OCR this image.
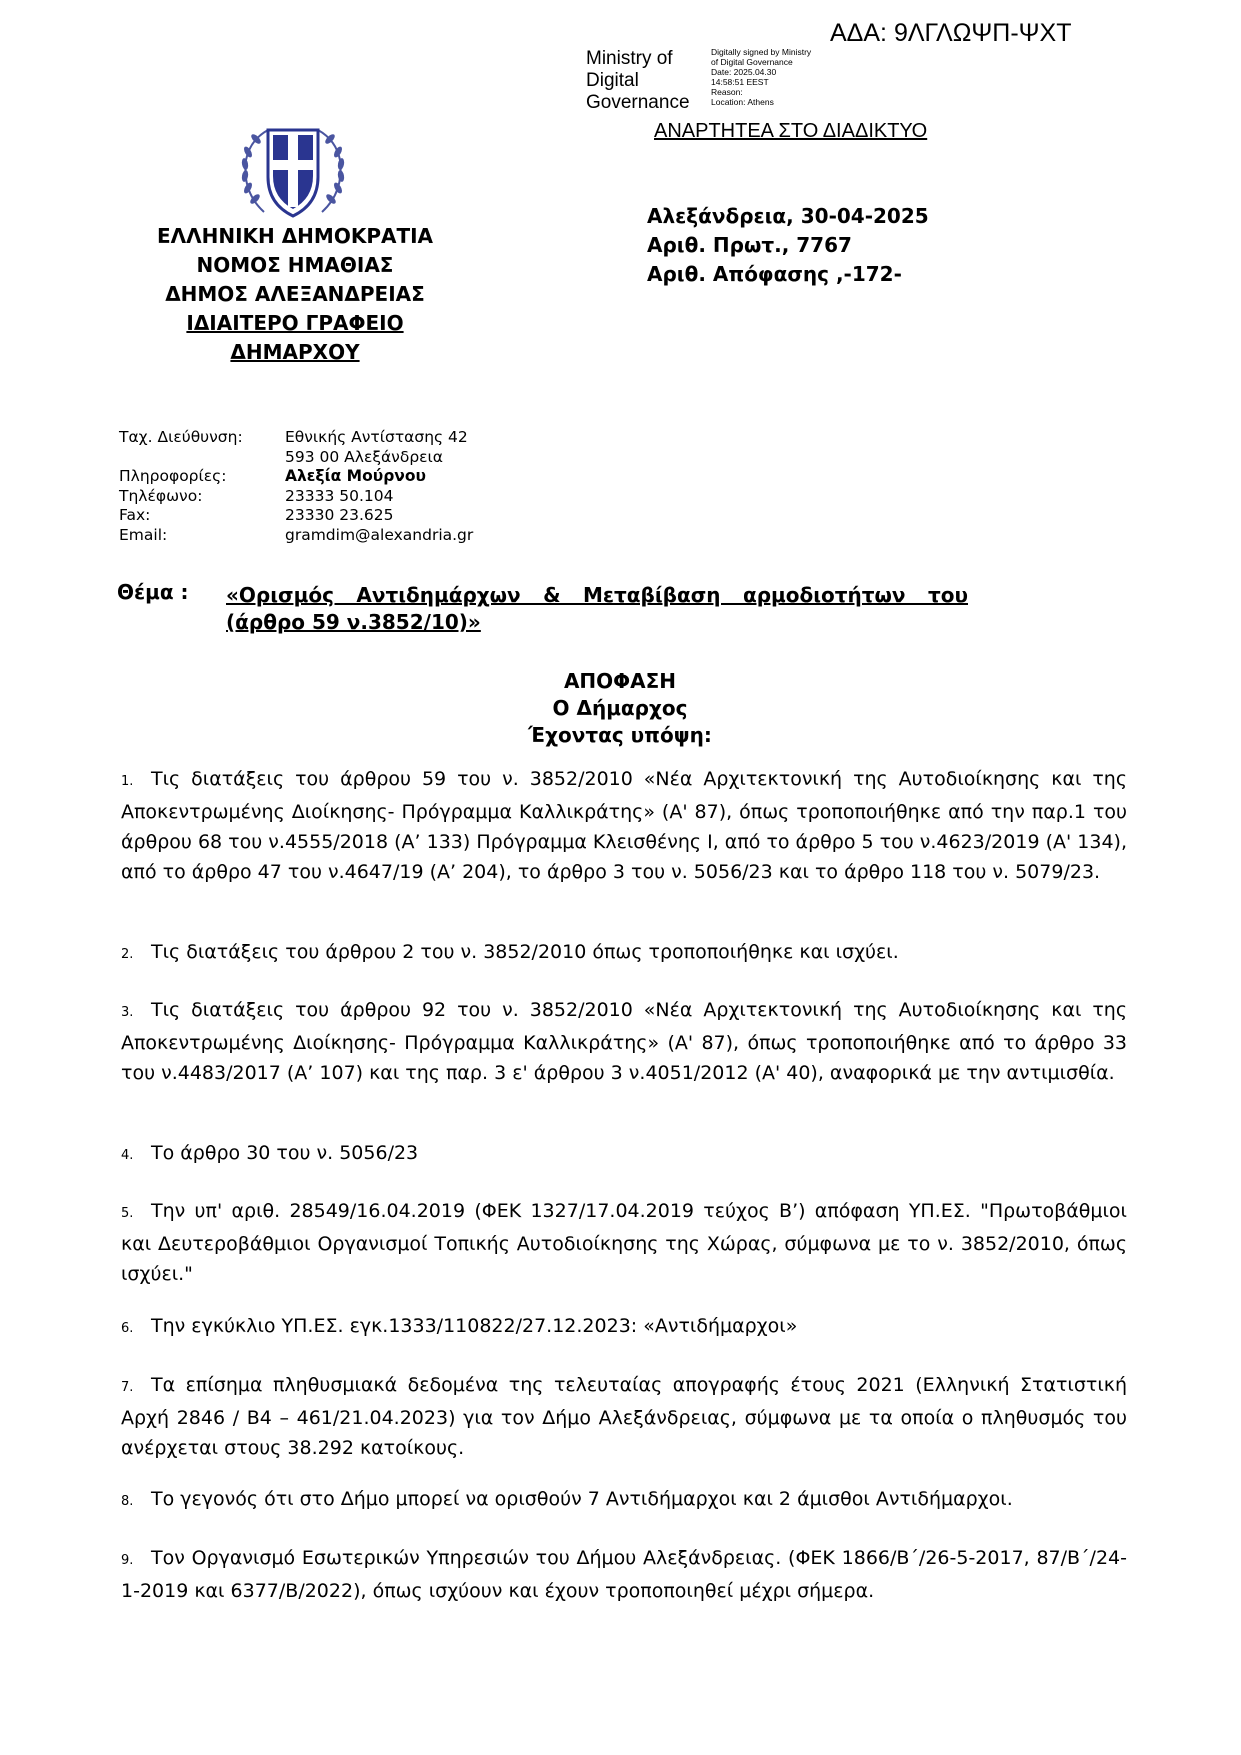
ΑΔΑ: 9ΛΓΛΩΨΠ-ΨΧΤ
Ministry of
Digital
Governance
Digitally signed by Ministry
of Digital Governance
Date: 2025.04.30
14:58:51 EEST
Reason:
Location: Athens
ΑΝΑΡΤΗΤΕΑ ΣΤΟ ΔΙΑΔΙΚΤΥΟ
ΕΛΛΗΝΙΚΗ ΔΗΜΟΚΡΑΤΙΑ
ΝΟΜΟΣ ΗΜΑΘΙΑΣ
ΔΗΜΟΣ ΑΛΕΞΑΝΔΡΕΙΑΣ
ΙΔΙΑΙΤΕΡΟ ΓΡΑΦΕΙΟ
ΔΗΜΑΡΧΟΥ
Αλεξάνδρεια, 30-04-2025
Αριθ. Πρωτ., 7767
Αριθ. Απόφασης ,-172-
Ταχ. Διεύθυνση:	Εθνικής Αντίστασης 42
593 00 Αλεξάνδρεια
Πληροφορίες:	Αλεξία Μούρνου
Τηλέφωνο:	23333 50.104
Fax:	23330 23.625
Email:	gramdim@alexandria.gr
Θέμα : «Ορισμός Αντιδημάρχων & Μεταβίβαση αρμοδιοτήτων του
(άρθρο 59 ν.3852/10)»
ΑΠΟΦΑΣΗ
Ο Δήμαρχος
Έχοντας υπόψη:
1. Τις διατάξεις του άρθρου 59 του ν. 3852/2010 «Νέα Αρχιτεκτονική της Αυτοδιοίκησης και της Αποκεντρωμένης Διοίκησης- Πρόγραμμα Καλλικράτης» (Α' 87), όπως τροποποιήθηκε από την παρ.1 του άρθρου 68 του ν.4555/2018 (Α’ 133) Πρόγραμμα Κλεισθένης Ι, από το άρθρο 5 του ν.4623/2019 (Α' 134), από το άρθρο 47 του ν.4647/19 (Α’ 204), το άρθρο 3 του ν. 5056/23 και το άρθρο 118 του ν. 5079/23.
2. Τις διατάξεις του άρθρου 2 του ν. 3852/2010 όπως τροποποιήθηκε και ισχύει.
3. Τις διατάξεις του άρθρου 92 του ν. 3852/2010 «Νέα Αρχιτεκτονική της Αυτοδιοίκησης και της Αποκεντρωμένης Διοίκησης- Πρόγραμμα Καλλικράτης» (Α' 87), όπως τροποποιήθηκε από το άρθρο 33 του ν.4483/2017 (Α’ 107) και της παρ. 3 ε' άρθρου 3 ν.4051/2012 (Α' 40), αναφορικά με την αντιμισθία.
4. Το άρθρο 30 του ν. 5056/23
5. Την υπ' αριθ. 28549/16.04.2019 (ΦΕΚ 1327/17.04.2019 τεύχος Β’) απόφαση ΥΠ.ΕΣ. "Πρωτοβάθμιοι και Δευτεροβάθμιοι Οργανισμοί Τοπικής Αυτοδιοίκησης της Χώρας, σύμφωνα με το ν. 3852/2010, όπως ισχύει."
6. Την εγκύκλιο ΥΠ.ΕΣ. εγκ.1333/110822/27.12.2023: «Αντιδήμαρχοι»
7. Τα επίσημα πληθυσμιακά δεδομένα της τελευταίας απογραφής έτους 2021 (Ελληνική Στατιστική Αρχή 2846 / Β4 – 461/21.04.2023) για τον Δήμο Αλεξάνδρειας, σύμφωνα με τα οποία ο πληθυσμός του ανέρχεται στους 38.292 κατοίκους.
8. Το γεγονός ότι στο Δήμο μπορεί να ορισθούν 7 Αντιδήμαρχοι και 2 άμισθοι Αντιδήμαρχοι.
9. Τον Οργανισμό Εσωτερικών Υπηρεσιών του Δήμου Αλεξάνδρειας. (ΦΕΚ 1866/Β΄/26-5-2017, 87/Β΄/24-1-2019 και 6377/Β/2022), όπως ισχύουν και έχουν τροποποιηθεί μέχρι σήμερα.
